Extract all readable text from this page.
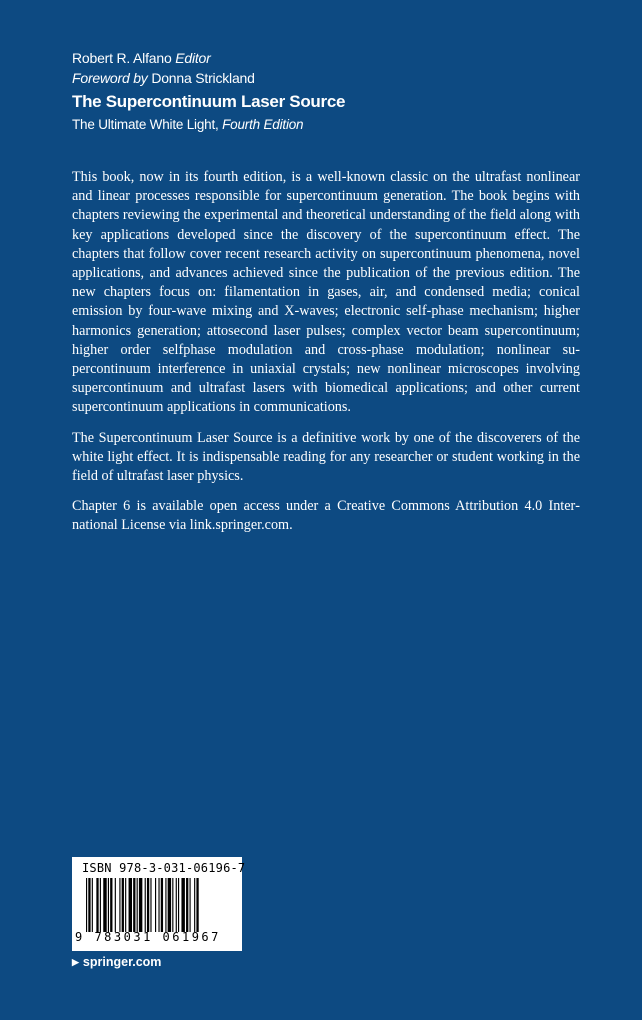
Robert R. Alfano Editor
Foreword by Donna Strickland
The Supercontinuum Laser Source
The Ultimate White Light, Fourth Edition

This book, now in its fourth edition, is a well-known classic on the ultrafast nonlinear and linear processes responsible for supercontinuum generation. The book begins with chapters reviewing the experimental and theoretical understanding of the field along with key applications developed since the discovery of the supercontinuum effect. The chapters that follow cover recent research activity on supercontinuum phenomena, novel applications, and advances achieved since the publication of the previous edition. The new chapters focus on: filamentation in gases, air, and condensed media; conical emission by four-wave mixing and X-waves; electronic self-phase mechanism; higher harmonics generation; attosecond laser pulses; complex vector beam supercontinuum; higher order selfphase modulation and cross-phase modulation; nonlinear supercontinuum interference in uniaxial crystals; new nonlinear microscopes involving supercontinuum and ultrafast lasers with biomedical applications; and other current supercontinuum applications in communications.

The Supercontinuum Laser Source is a definitive work by one of the discoverers of the white light effect. It is indispensable reading for any researcher or student working in the field of ultrafast laser physics.

Chapter 6 is available open access under a Creative Commons Attribution 4.0 International License via link.springer.com.

ISBN 978-3-031-06196-7
9 783031 061967
▶ springer.com
